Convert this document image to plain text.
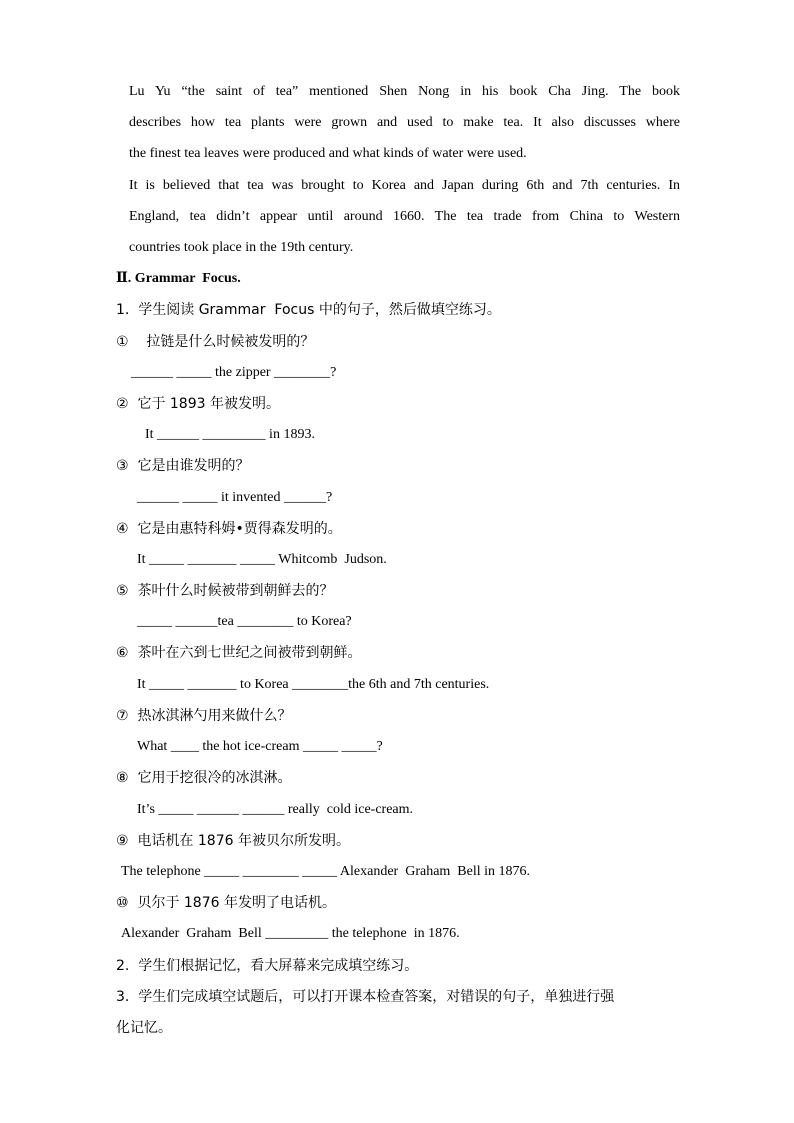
Lu Yu “the saint of tea” mentioned Shen Nong in his book Cha Jing. The book
describes how tea plants were grown and used to make tea. It also discusses where
the finest tea leaves were produced and what kinds of water were used.
It is believed that tea was brought to Korea and Japan during 6th and 7th centuries. In
England, tea didn’t appear until around 1660. The tea trade from China to Western
countries took place in the 19th century.
Ⅱ. Grammar  Focus.
1.  学生阅读 Grammar  Focus 中的句子，然后做填空练习。
①    拉链是什么时候被发明的？
______ _____ the zipper ________?
②  它于 1893 年被发明。
It ______ _________ in 1893.
③  它是由谁发明的？
______ _____ it invented ______?
④  它是由惠特科姆•贾得森发明的。
It _____ _______ _____ Whitcomb  Judson.
⑤  茶叶什么时候被带到朝鲜去的？
_____ ______tea ________ to Korea?
⑥  茶叶在六到七世纪之间被带到朝鲜。
It _____ _______ to Korea ________the 6th and 7th centuries.
⑦  热冰淇淋勺用来做什么？
What ____ the hot ice-cream _____ _____?
⑧  它用于挖很冷的冰淇淋。
It’s _____ ______ ______ really  cold ice-cream.
⑨  电话机在 1876 年被贝尔所发明。
The telephone _____ ________ _____ Alexander  Graham  Bell in 1876.
⑩  贝尔于 1876 年发明了电话机。
Alexander  Graham  Bell _________ the telephone  in 1876.
2.  学生们根据记忆，看大屏幕来完成填空练习。
3.  学生们完成填空试题后，可以打开课本检查答案，对错误的句子，单独进行强
化记忆。
